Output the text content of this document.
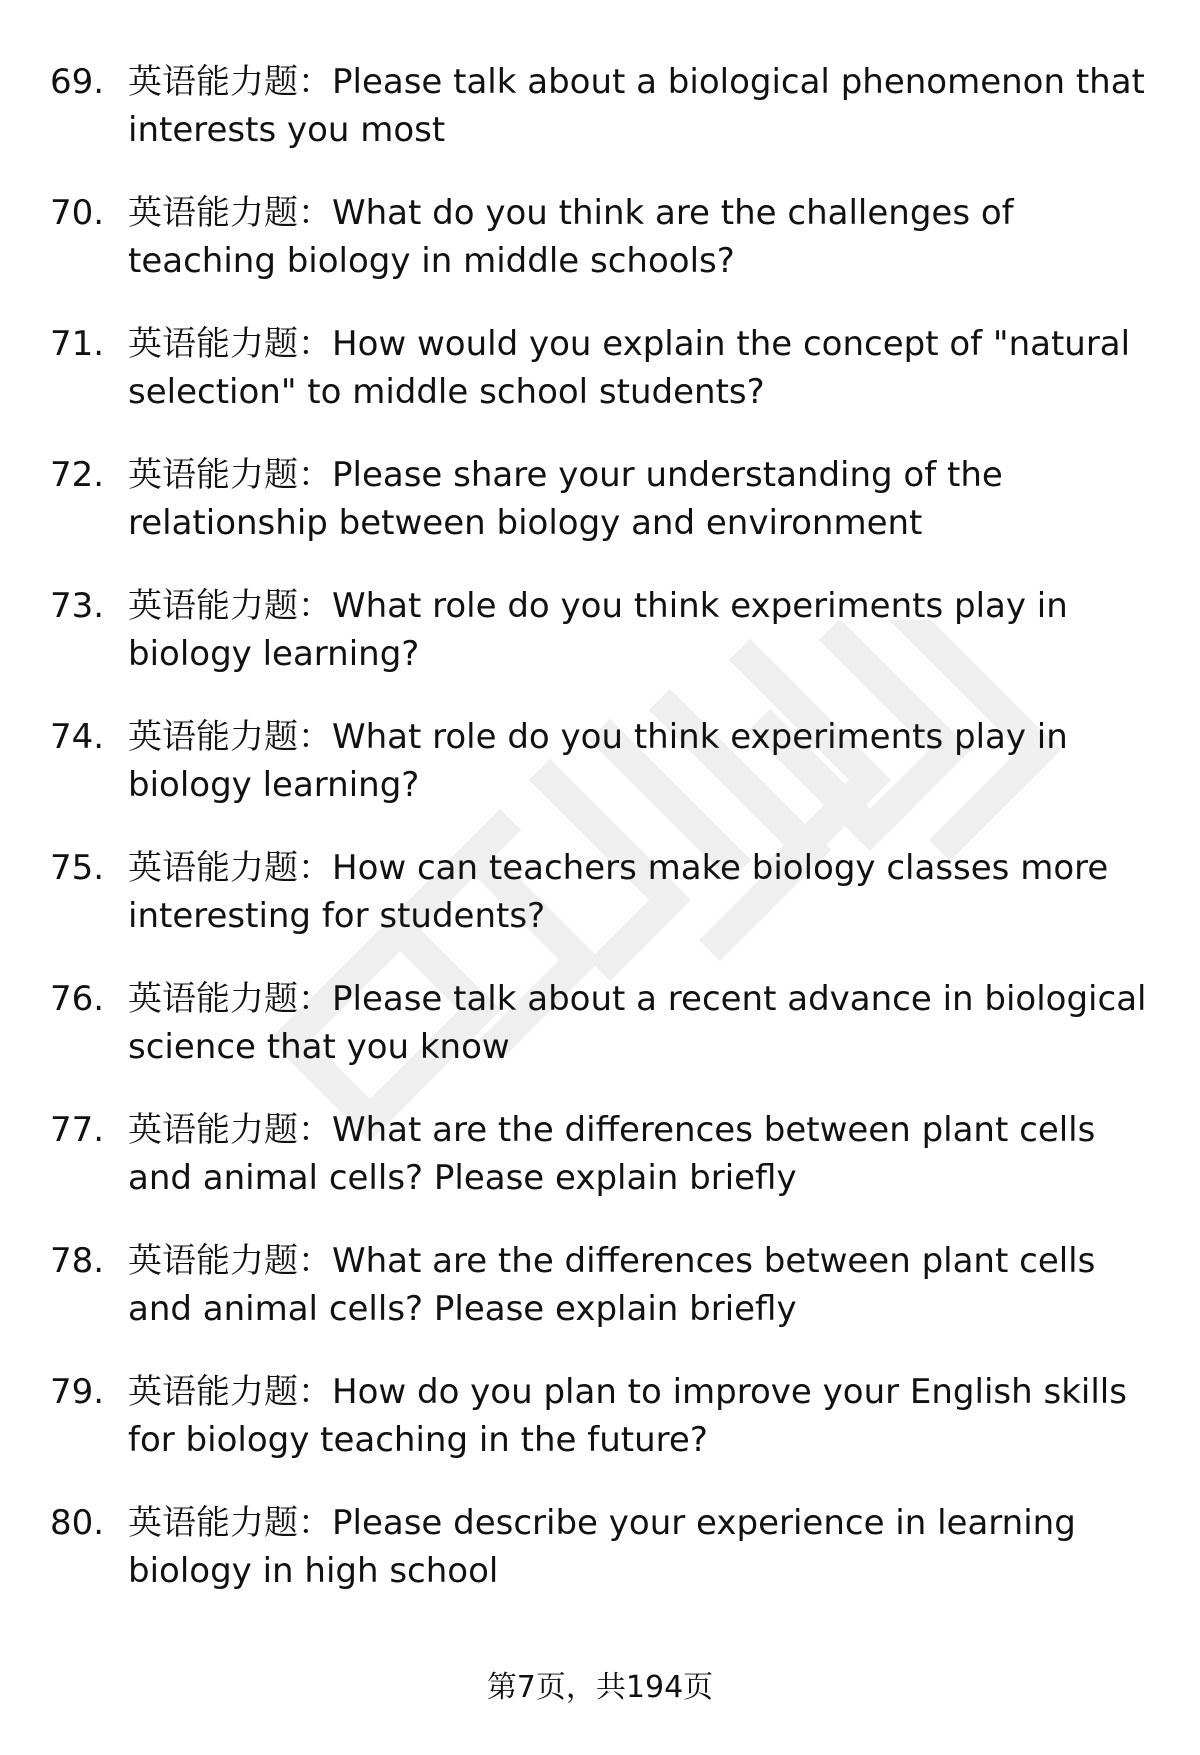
69. 英语能力题：Please talk about a biological phenomenon that interests you most
70. 英语能力题：What do you think are the challenges of teaching biology in middle schools?
71. 英语能力题：How would you explain the concept of "natural selection" to middle school students?
72. 英语能力题：Please share your understanding of the relationship between biology and environment
73. 英语能力题：What role do you think experiments play in biology learning?
74. 英语能力题：What role do you think experiments play in biology learning?
75. 英语能力题：How can teachers make biology classes more interesting for students?
76. 英语能力题：Please talk about a recent advance in biological science that you know
77. 英语能力题：What are the differences between plant cells and animal cells? Please explain briefly
78. 英语能力题：What are the differences between plant cells and animal cells? Please explain briefly
79. 英语能力题：How do you plan to improve your English skills for biology teaching in the future?
80. 英语能力题：Please describe your experience in learning biology in high school
第7页，共194页
